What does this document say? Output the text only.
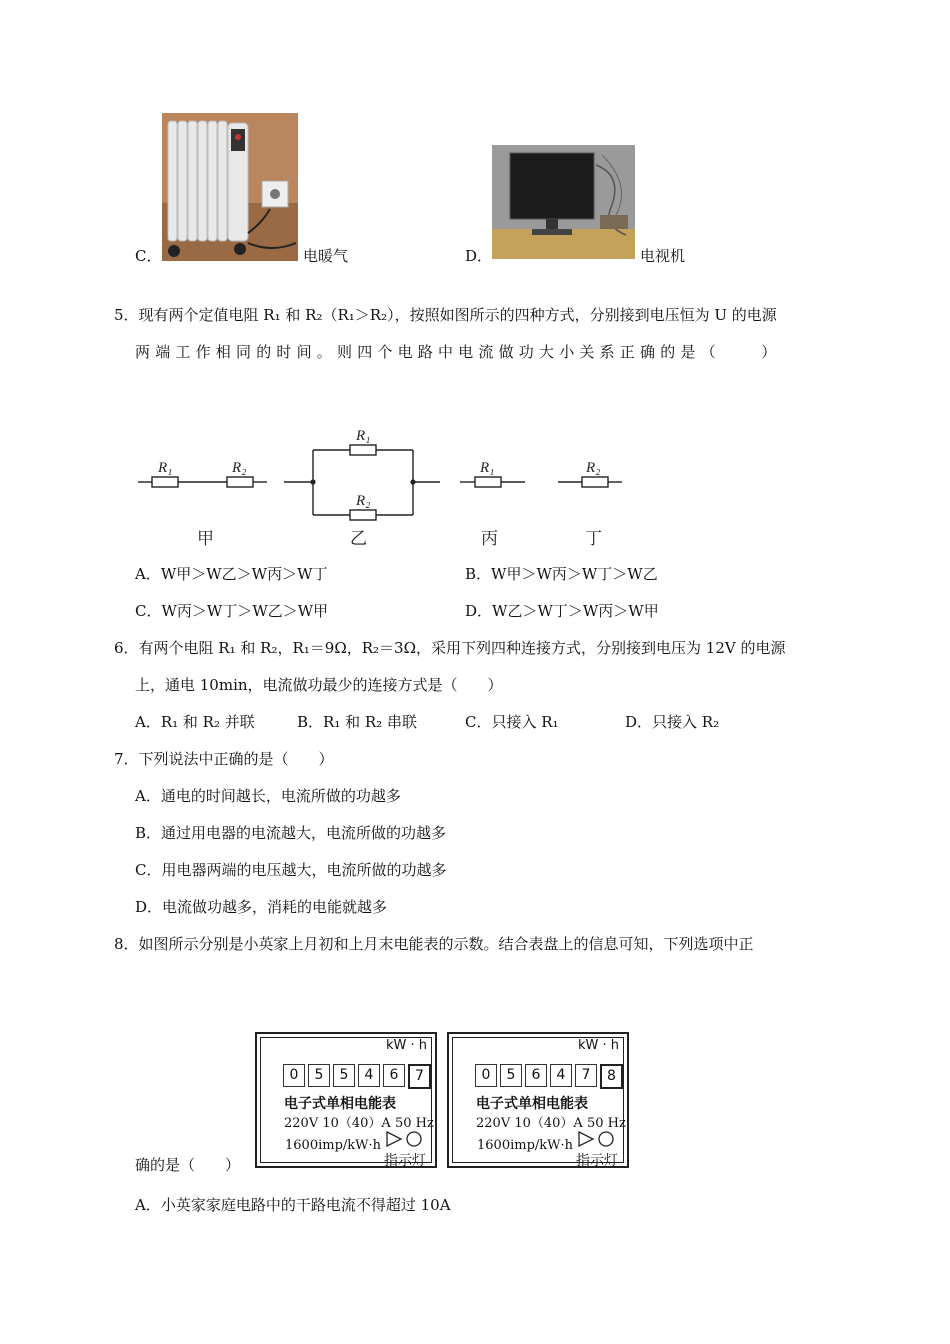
C．	电暖气	D．	电视机
5．现有两个定值电阻 R₁ 和 R₂（R₁＞R₂），按照如图所示的四种方式，分别接到电压恒为 U 的电源
两端工作相同的时间。则四个电路中电流做功大小关系正确的是（　　）
R₁	R₂
R₁
R₂
R₁	R₂
甲	乙	丙	丁
A．W甲＞W乙＞W丙＞W丁	B．W甲＞W丙＞W丁＞W乙
C．W丙＞W丁＞W乙＞W甲	D．W乙＞W丁＞W丙＞W甲
6．有两个电阻 R₁ 和 R₂，R₁＝9Ω，R₂＝3Ω，采用下列四种连接方式，分别接到电压为 12V 的电源
上，通电 10min，电流做功最少的连接方式是（　　）
A．R₁ 和 R₂ 并联	B．R₁ 和 R₂ 串联	C．只接入 R₁	D．只接入 R₂
7．下列说法中正确的是（　　）
A．通电的时间越长，电流所做的功越多
B．通过用电器的电流越大，电流所做的功越多
C．用电器两端的电压越大，电流所做的功越多
D．电流做功越多，消耗的电能就越多
8．如图所示分别是小英家上月初和上月末电能表的示数。结合表盘上的信息可知，下列选项中正
kW · h
0	5	5	4	6	7
电子式单相电能表
220V 10（40）A 50 Hz
1600imp/kW·h
指示灯
kW · h
0	5	6	4	7	8
电子式单相电能表
220V 10（40）A 50 Hz
1600imp/kW·h
指示灯
确的是（　　）
A．小英家家庭电路中的干路电流不得超过 10A
